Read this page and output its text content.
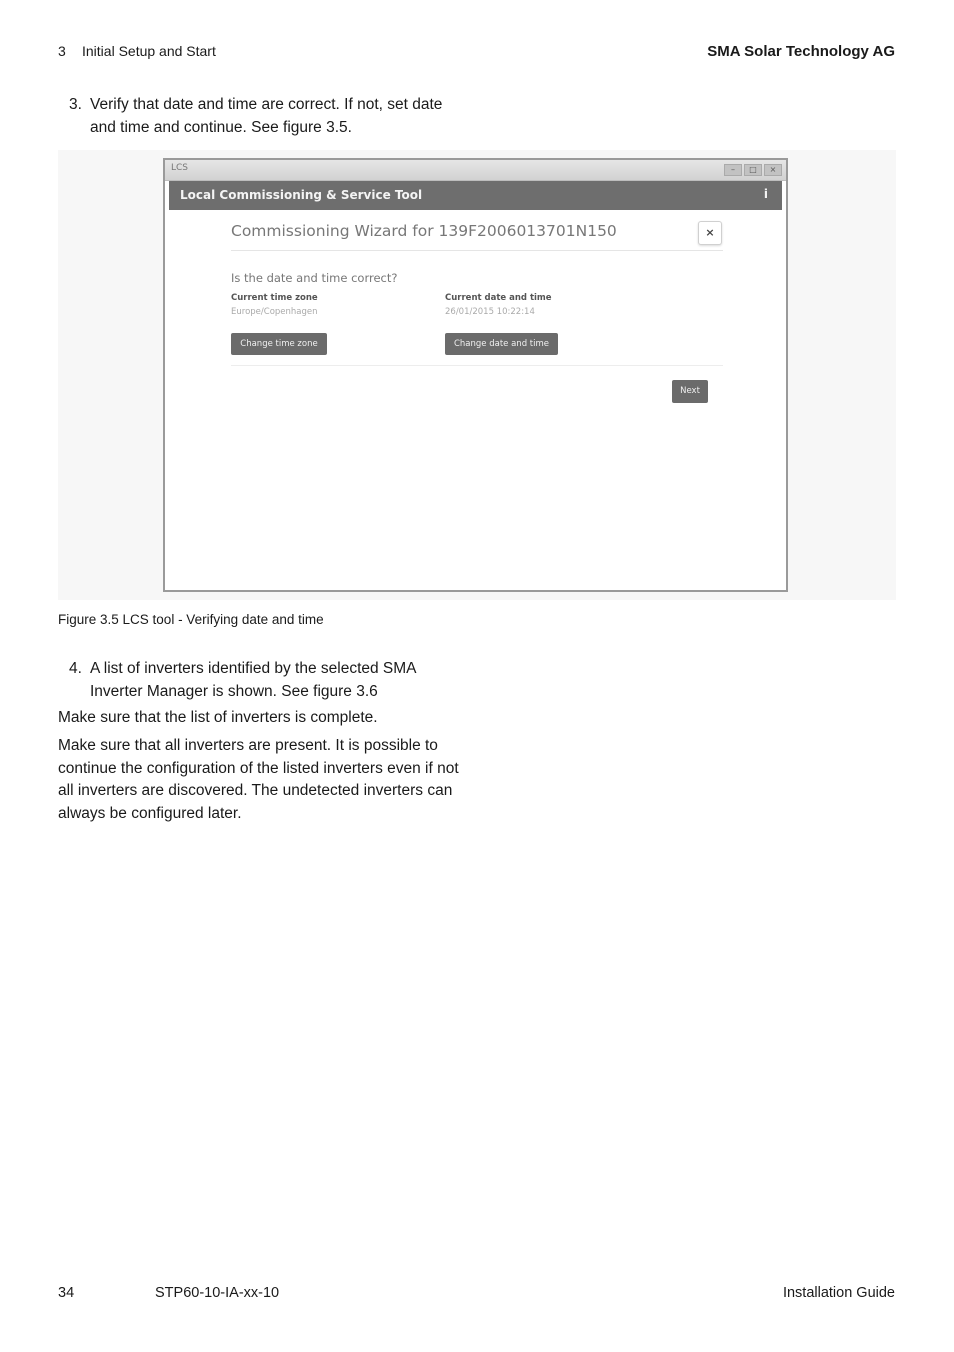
3 Initial Setup and Start	SMA Solar Technology AG
3. Verify that date and time are correct. If not, set date and time and continue. See figure 3.5.
LCS	–	□	×
Local Commissioning & Service Tool	i
Commissioning Wizard for 139F2006013701N150	×
Is the date and time correct?
Current time zone
Europe/Copenhagen
Current date and time
26/01/2015 10:22:14
Change time zone	Change date and time
Next
Figure 3.5 LCS tool - Verifying date and time
4. A list of inverters identified by the selected SMA Inverter Manager is shown. See figure 3.6
Make sure that the list of inverters is complete.
Make sure that all inverters are present. It is possible to continue the configuration of the listed inverters even if not all inverters are discovered. The undetected inverters can always be configured later.
34	STP60-10-IA-xx-10	Installation Guide
